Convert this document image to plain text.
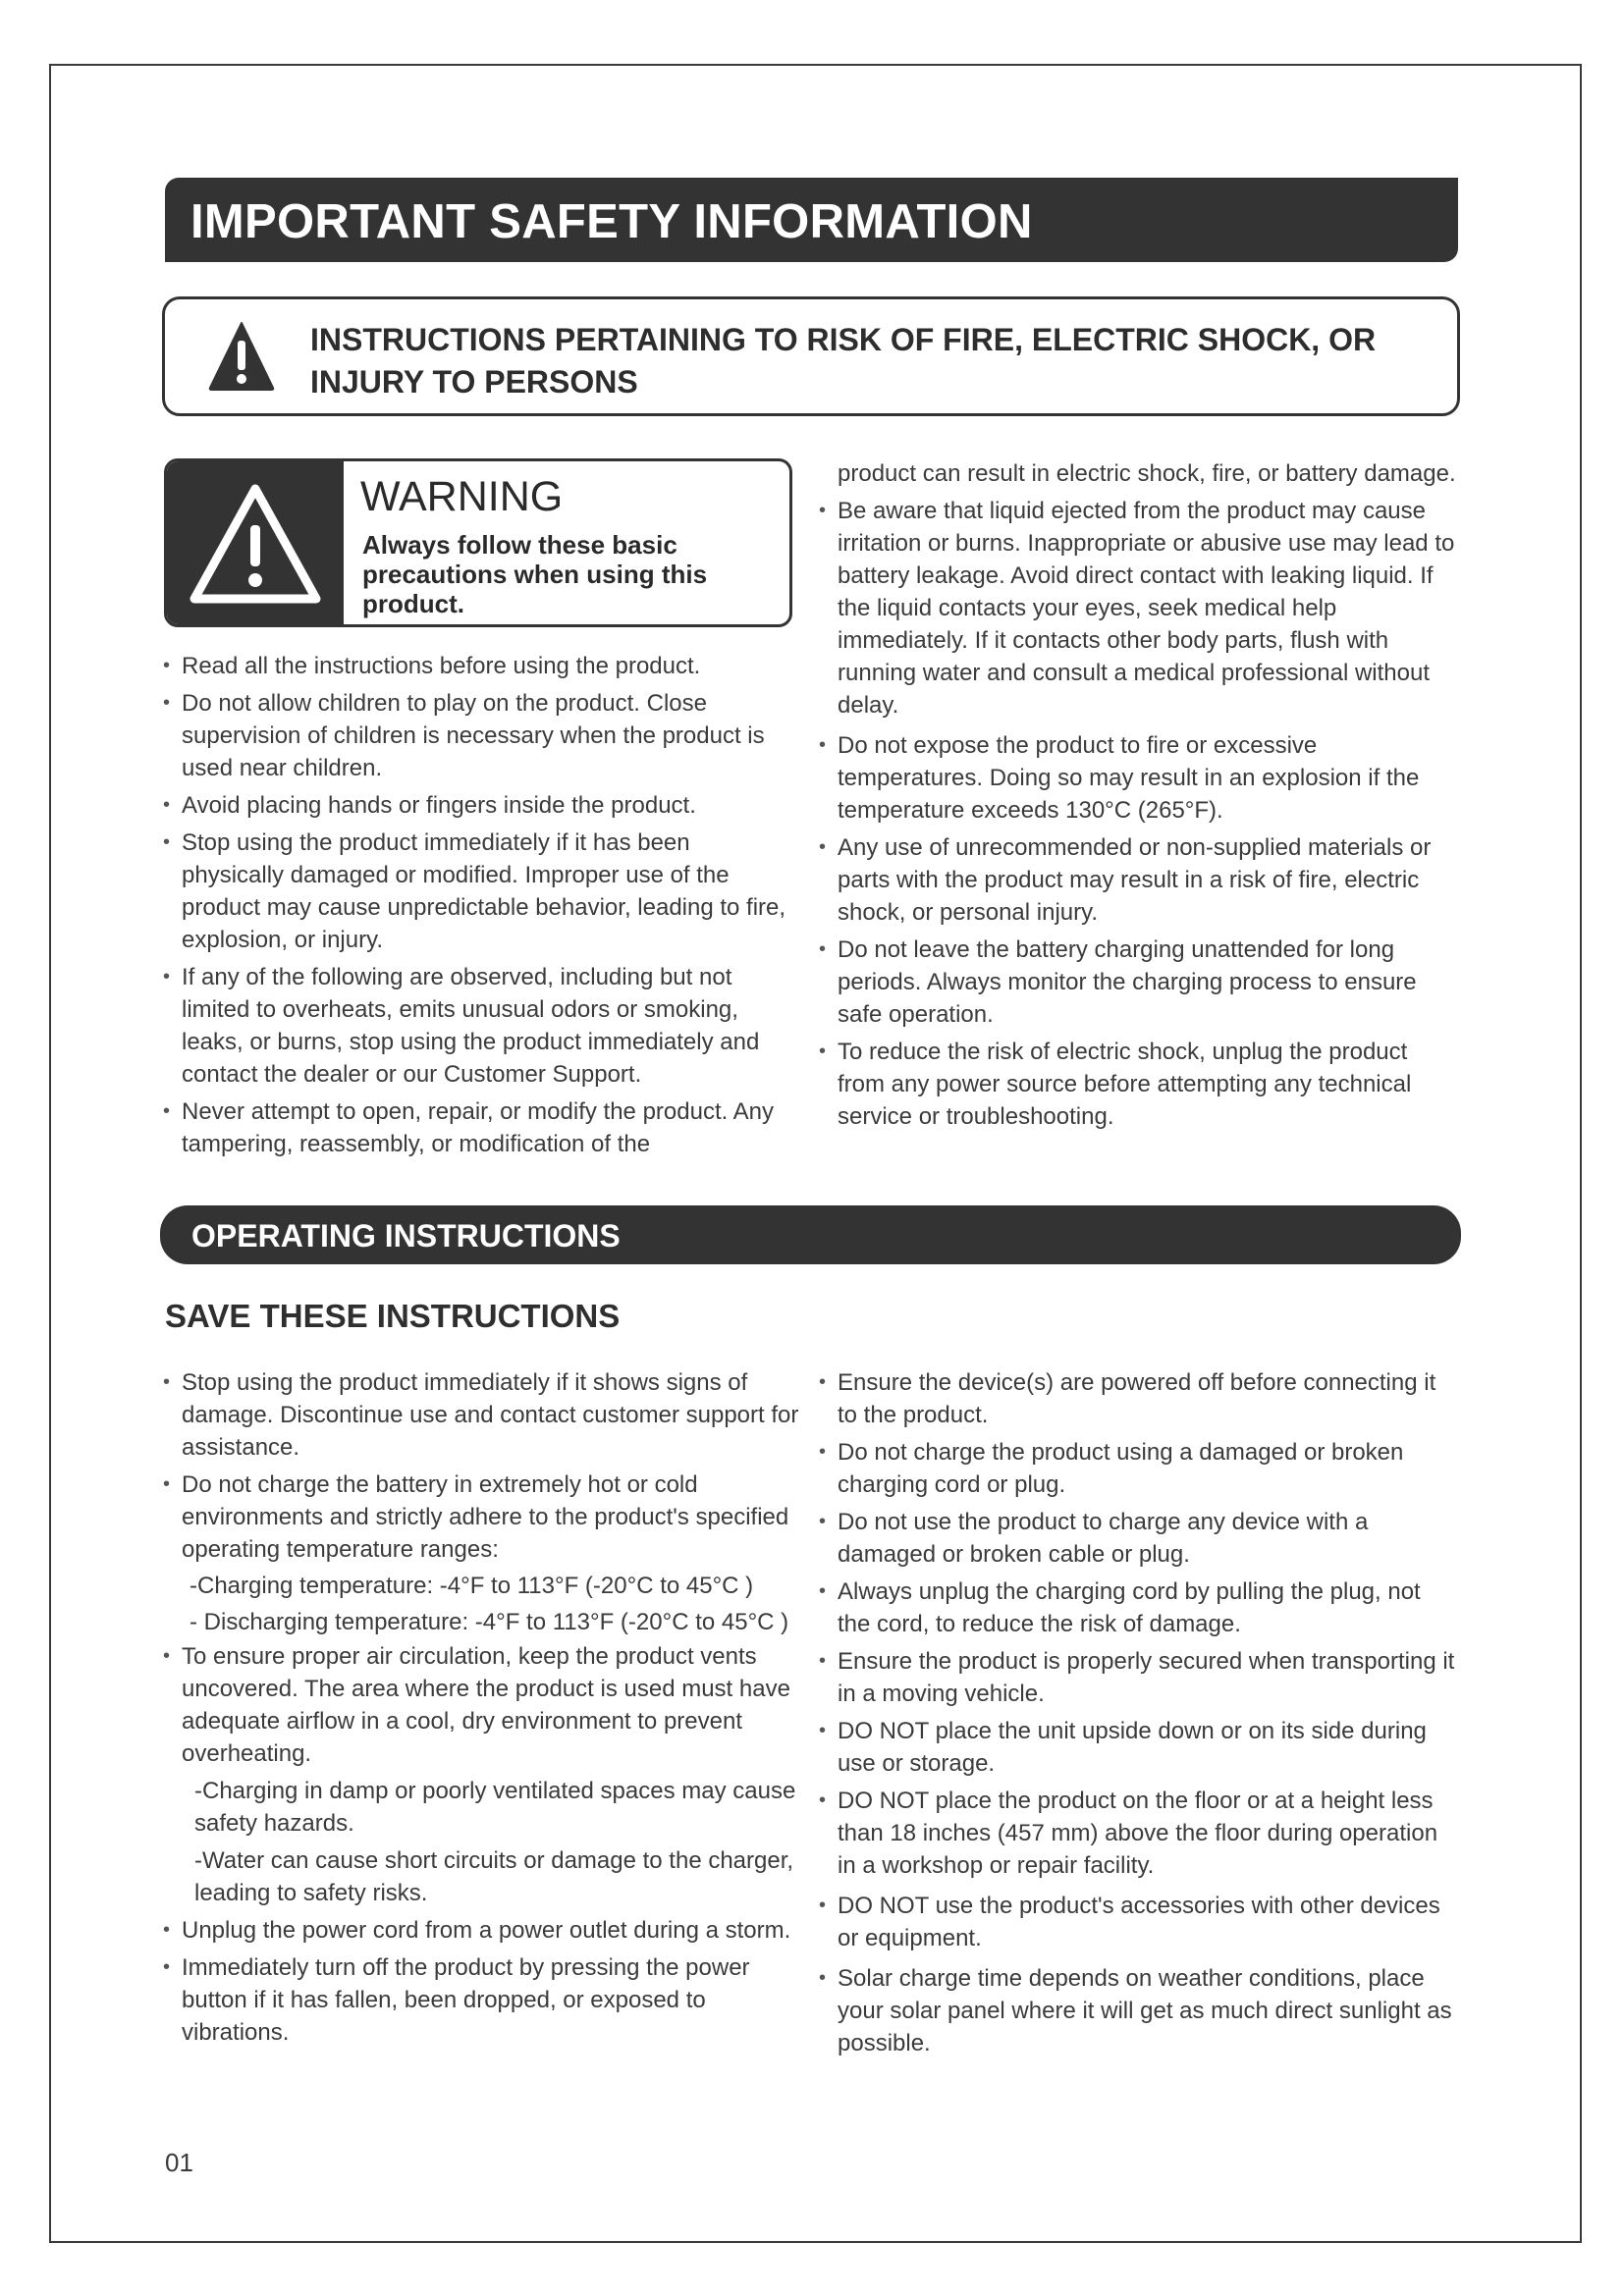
IMPORTANT SAFETY INFORMATION
INSTRUCTIONS PERTAINING TO RISK OF FIRE, ELECTRIC SHOCK, OR INJURY TO PERSONS
WARNING
Always follow these basic precautions when using this product.
• Read all the instructions before using the product.
• Do not allow children to play on the product. Close supervision of children is necessary when the product is used near children.
• Avoid placing hands or fingers inside the product.
• Stop using the product immediately if it has been physically damaged or modified. Improper use of the product may cause unpredictable behavior, leading to fire, explosion, or injury.
• If any of the following are observed, including but not limited to overheats, emits unusual odors or smoking, leaks, or burns, stop using the product immediately and contact the dealer or our Customer Support.
• Never attempt to open, repair, or modify the product. Any tampering, reassembly, or modification of the
product can result in electric shock, fire, or battery damage.
• Be aware that liquid ejected from the product may cause irritation or burns. Inappropriate or abusive use may lead to battery leakage. Avoid direct contact with leaking liquid. If the liquid contacts your eyes, seek medical help immediately. If it contacts other body parts, flush with running water and consult a medical professional without delay.
• Do not expose the product to fire or excessive temperatures. Doing so may result in an explosion if the temperature exceeds 130°C (265°F).
• Any use of unrecommended or non-supplied materials or parts with the product may result in a risk of fire, electric shock, or personal injury.
• Do not leave the battery charging unattended for long periods. Always monitor the charging process to ensure safe operation.
• To reduce the risk of electric shock, unplug the product from any power source before attempting any technical service or troubleshooting.
OPERATING INSTRUCTIONS
SAVE THESE INSTRUCTIONS
• Stop using the product immediately if it shows signs of damage. Discontinue use and contact customer support for assistance.
• Do not charge the battery in extremely hot or cold environments and strictly adhere to the product's specified operating temperature ranges:
-Charging temperature: -4°F to 113°F (-20°C to 45°C )
- Discharging temperature: -4°F to 113°F (-20°C to 45°C )
• To ensure proper air circulation, keep the product vents uncovered. The area where the product is used must have adequate airflow in a cool, dry environment to prevent overheating.
-Charging in damp or poorly ventilated spaces may cause safety hazards.
-Water can cause short circuits or damage to the charger, leading to safety risks.
• Unplug the power cord from a power outlet during a storm.
• Immediately turn off the product by pressing the power button if it has fallen, been dropped, or exposed to vibrations.
• Ensure the device(s) are powered off before connecting it to the product.
• Do not charge the product using a damaged or broken charging cord or plug.
• Do not use the product to charge any device with a damaged or broken cable or plug.
• Always unplug the charging cord by pulling the plug, not the cord, to reduce the risk of damage.
• Ensure the product is properly secured when transporting it in a moving vehicle.
• DO NOT place the unit upside down or on its side during use or storage.
• DO NOT place the product on the floor or at a height less than 18 inches (457 mm) above the floor during operation in a workshop or repair facility.
• DO NOT use the product's accessories with other devices or equipment.
• Solar charge time depends on weather conditions, place your solar panel where it will get as much direct sunlight as possible.
01
